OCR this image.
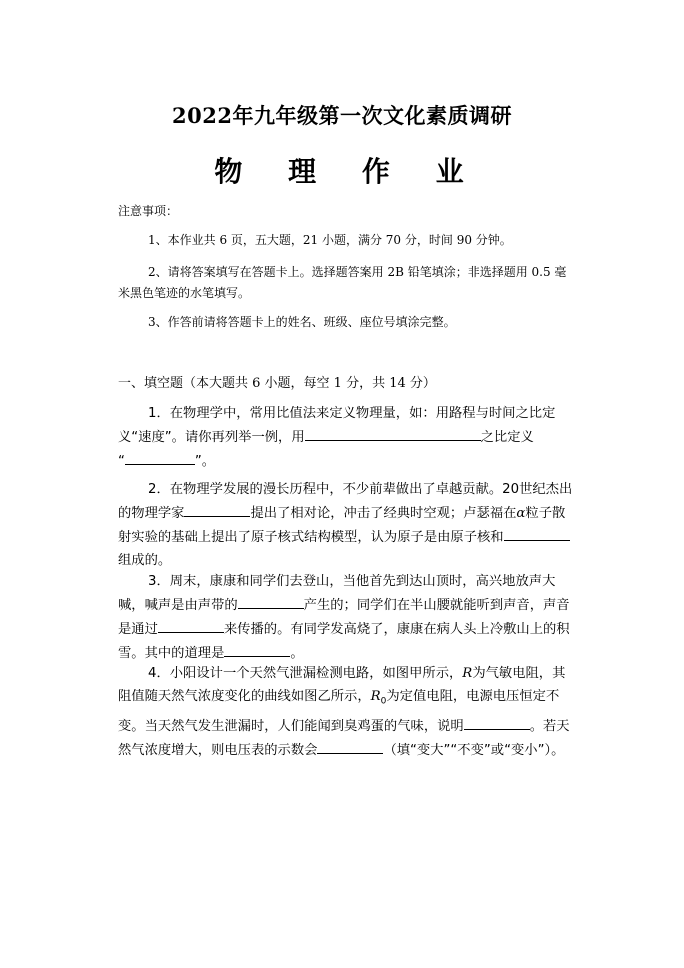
2022年九年级第一次文化素质调研
物 理 作 业
注意事项：
1、本作业共 6 页，五大题，21 小题，满分 70 分，时间 90 分钟。
2、请将答案填写在答题卡上。选择题答案用 2B 铅笔填涂；非选择题用 0.5 毫米黑色笔迹的水笔填写。
3、作答前请将答题卡上的姓名、班级、座位号填涂完整。
一、填空题（本大题共 6 小题，每空 1 分，共 14 分）
1．在物理学中，常用比值法来定义物理量，如：用路程与时间之比定义“速度”。请你再列举一例，用	之比定义
“	”。
2．在物理学发展的漫长历程中，不少前辈做出了卓越贡献。20世纪杰出的物理学家	提出了相对论，冲击了经典时空观；卢瑟福在α粒子散射实验的基础上提出了原子核式结构模型，认为原子是由原子核和组成的。
3．周末，康康和同学们去登山，当他首先到达山顶时，高兴地放声大喊，喊声是由声带的	产生的；同学们在半山腰就能听到声音，声音是通过	来传播的。有同学发高烧了，康康在病人头上冷敷山上的积雪。其中的道理是	。
4．小阳设计一个天然气泄漏检测电路，如图甲所示，R为气敏电阻，其阻值随天然气浓度变化的曲线如图乙所示，$R_0$为定值电阻，电源电压恒定不变。当天然气发生泄漏时，人们能闻到臭鸡蛋的气味，说明	。若天然气浓度增大，则电压表的示数会	（填“变大”“不变”或“变小”）。
